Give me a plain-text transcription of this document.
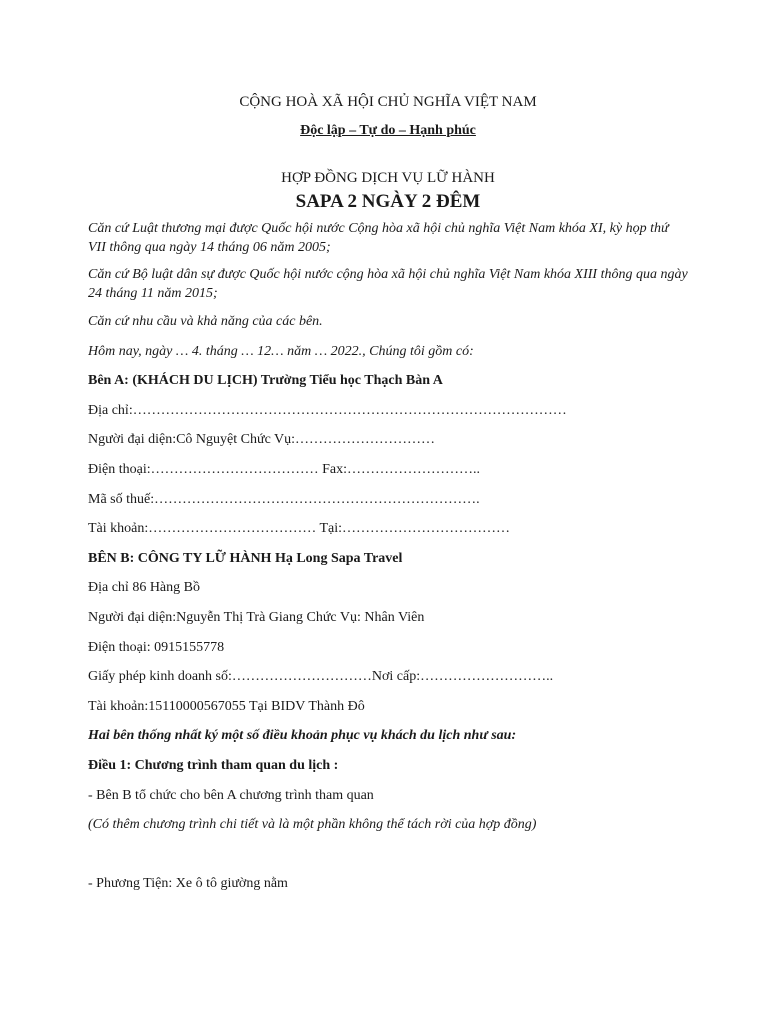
CỘNG HOÀ XÃ HỘI CHỦ NGHĨA VIỆT NAM
Độc lập – Tự do – Hạnh phúc
HỢP ĐỒNG DỊCH VỤ LỮ HÀNH
SAPA 2 NGÀY 2 ĐÊM

Căn cứ Luật thương mại được Quốc hội nước Cộng hòa xã hội chủ nghĩa Việt Nam khóa XI, kỳ họp thứ VII thông qua ngày 14 tháng 06 năm 2005;

Căn cứ Bộ luật dân sự được Quốc hội nước cộng hòa xã hội chủ nghĩa Việt Nam khóa XIII thông qua ngày 24 tháng 11 năm 2015;

Căn cứ nhu cầu và khả năng của các bên.
Hôm nay, ngày … 4. tháng … 12… năm … 2022., Chúng tôi gồm có:
Bên A: (KHÁCH DU LỊCH) Trường Tiểu học Thạch Bàn A
Địa chỉ:…………………………………………………………………………………
Người đại diện:Cô Nguyệt Chức Vụ:…………………………
Điện thoại:……………………………… Fax:………………………..
Mã số thuế:…………………………………………………………….
Tài khoản:……………………………… Tại:………………………………
BÊN B: CÔNG TY LỮ HÀNH Hạ Long Sapa Travel
Địa chỉ 86 Hàng Bồ
Người đại diện:Nguyễn Thị Trà Giang Chức Vụ: Nhân Viên
Điện thoại: 0915155778
Giấy phép kinh doanh số:…………………………Nơi cấp:………………………..
Tài khoản:15110000567055 Tại BIDV Thành Đô
Hai bên thống nhất ký một số điều khoản phục vụ khách du lịch như sau:
Điều 1: Chương trình tham quan du lịch :
- Bên B tổ chức cho bên A chương trình tham quan
(Có thêm chương trình chi tiết và là một phần không thể tách rời của hợp đồng)
- Phương Tiện: Xe ô tô giường nằm
